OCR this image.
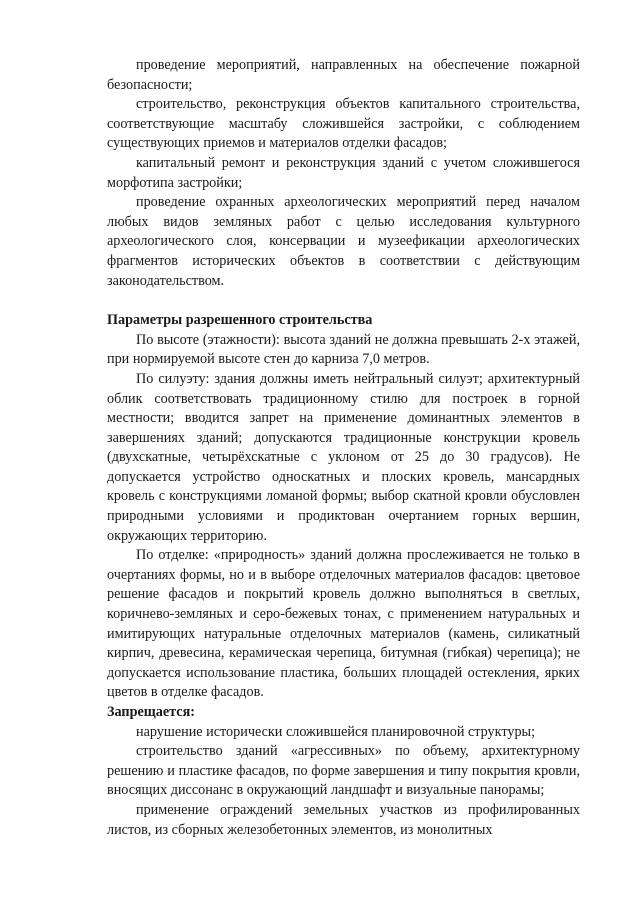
проведение мероприятий, направленных на обеспечение пожарной безопасности;

строительство, реконструкция объектов капитального строительства, соответствующие масштабу сложившейся застройки, с соблюдением существующих приемов и материалов отделки фасадов;

капитальный ремонт и реконструкция зданий с учетом сложившегося морфотипа застройки;

проведение охранных археологических мероприятий перед началом любых видов земляных работ с целью исследования культурного археологического слоя, консервации и музеефикации археологических фрагментов исторических объектов в соответствии с действующим законодательством.

Параметры разрешенного строительства

По высоте (этажности): высота зданий не должна превышать 2-х этажей, при нормируемой высоте стен до карниза 7,0 метров.

По силуэту: здания должны иметь нейтральный силуэт; архитектурный облик соответствовать традиционному стилю для построек в горной местности; вводится запрет на применение доминантных элементов в завершениях зданий; допускаются традиционные конструкции кровель (двухскатные, четырёхскатные с уклоном от 25 до 30 градусов). Не допускается устройство односкатных и плоских кровель, мансардных кровель с конструкциями ломаной формы; выбор скатной кровли обусловлен природными условиями и продиктован очертанием горных вершин, окружающих территорию.

По отделке: «природность» зданий должна прослеживается не только в очертаниях формы, но и в выборе отделочных материалов фасадов: цветовое решение фасадов и покрытий кровель должно выполняться в светлых, коричнево-земляных и серо-бежевых тонах, с применением натуральных и имитирующих натуральные отделочных материалов (камень, силикатный кирпич, древесина, керамическая черепица, битумная (гибкая) черепица); не допускается использование пластика, больших площадей остекления, ярких цветов в отделке фасадов.

Запрещается:

нарушение исторически сложившейся планировочной структуры;

строительство зданий «агрессивных» по объему, архитектурному решению и пластике фасадов, по форме завершения и типу покрытия кровли, вносящих диссонанс в окружающий ландшафт и визуальные панорамы;

применение ограждений земельных участков из профилированных листов, из сборных железобетонных элементов, из монолитных
